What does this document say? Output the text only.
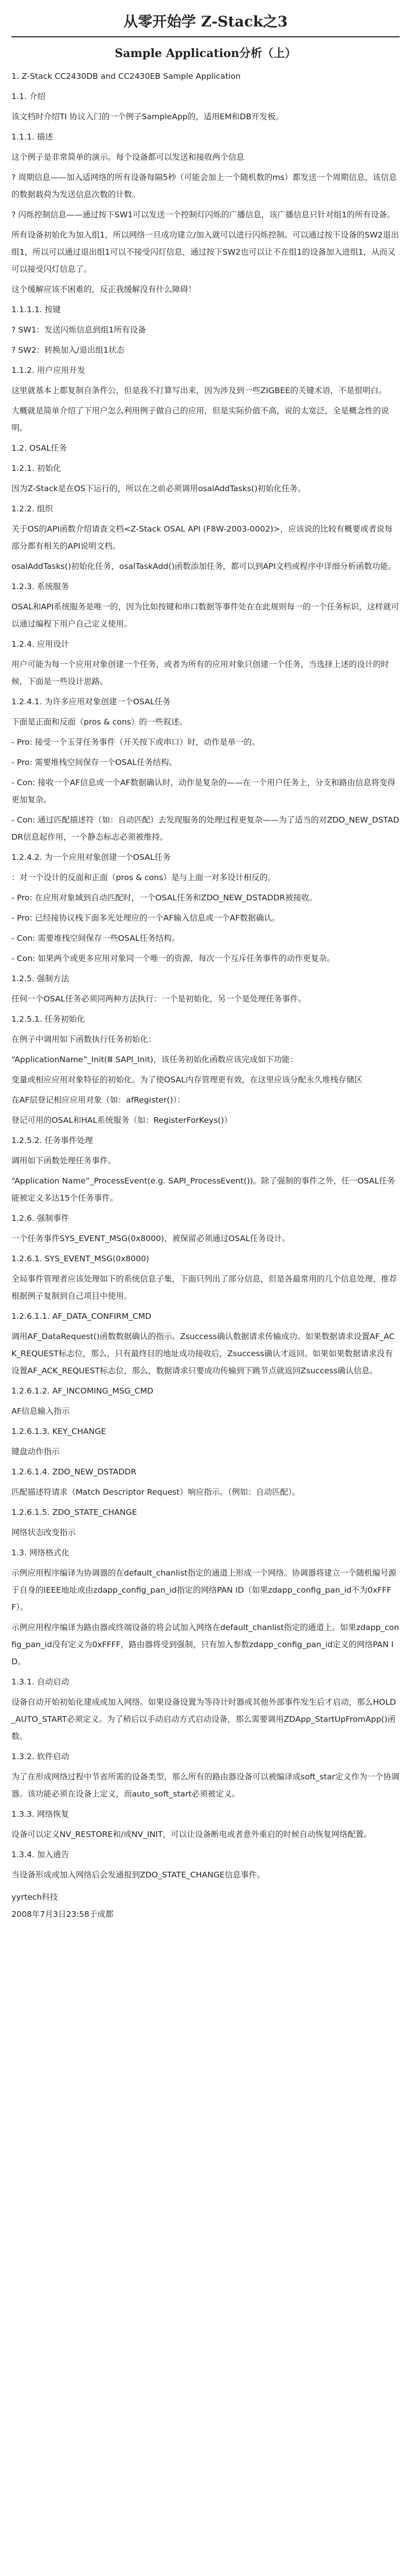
从零开始学 Z-Stack之3
Sample Application分析（上）

1. Z-Stack CC2430DB and CC2430EB Sample Application

1.1. 介绍

该文档时介绍TI 协议入门的一个例子SampleApp的，适用EM和DB开发板。

1.1.1. 描述

这个例子是非常简单的演示。每个设备都可以发送和接收两个信息

? 周期信息——加入适网络的所有设备每隔5秒（可能会加上一个随机数的ms）都发送一个周期信息，该信息的数据载荷为发送信息次数的计数。

? 闪烁控制信息——通过按下SW1可以发送一个控制灯闪烁的广播信息，该广播信息只针对组1的所有设备。

所有设备初始化为加入组1，所以网络一旦成功建立/加入就可以进行闪烁控制。可以通过按下设备的SW2退出组1，所以可以通过退出组1可以不接受闪灯信息，通过按下SW2也可以让不在组1的设备加入进组1，从而又可以接受闪灯信息了。

这个缓解应该不困难的，反正我缓解没有什么障碍！

1.1.1.1. 按键

? SW1：发送闪烁信息到组1所有设备

? SW2：转换加入/退出组1状态

1.1.2. 用户应用开发

这里就基本上都复制自条件公，但是我不打算写出来，因为涉及到一些ZIGBEE的关键术语，不是很明白。

大概就是简单介绍了下用户怎么利用例子做自己的应用，但是实际价值不高，说的太宽泛，全是概念性的说明。

1.2. OSAL任务

1.2.1. 初始化

因为Z-Stack是在OS下运行的，所以在之前必须调用osalAddTasks()初始化任务。

1.2.2. 组织

关于OS的API函数介绍请查文档<Z-Stack OSAL API (F8W-2003-0002)>，应该说的比较有概要或者说每部分都有相关的API说明文档。

osalAddTasks()初始化任务，osalTaskAdd()函数添加任务，都可以到API文档或程序中详细分析函数功能。

1.2.3. 系统服务

OSAL和API系统服务是唯一的，因为比如按键和串口数据等事件处在在此规则每一的一个任务标识，这样就可以通过编程下用户自己定义使用。

1.2.4. 应用设计

用户可能为每一个应用对象创建一个任务，或者为所有的应用对象只创建一个任务，当选择上述的设计的时候，下面是一些设计思路。

1.2.4.1. 为许多应用对象创建一个OSAL任务

下面是正面和反面（pros & cons）的一些叙述。

- Pro: 接受一个玉芽任务事件（开关按下或串口）时，动作是单一的。

- Pro: 需要堆栈空间保存一个OSAL任务结构。

- Con: 接收一个AF信息或一个AF数据确认时，动作是复杂的——在一个用户任务上，分支和路由信息将变得更加复杂。

- Con: 通过匹配描述符（如：自动匹配）去发现服务的处理过程更复杂——为了适当的对ZDO_NEW_DSTADDR信息起作用，一个静态标志必须被维持。

1.2.4.2. 为一个应用对象创建一个OSAL任务

：对一个设计的反面和正面（pros & cons）是与上面一对多设计相反的。

- Pro: 在应用对象域到自动匹配时，一个OSAL任务和ZDO_NEW_DSTADDR被接收。

- Pro: 已经接协议栈下面多光处理应的一个AF输入信息或一个AF数据确认。

- Con: 需要堆栈空间保存一些OSAL任务结构。

- Con: 如果两个或更多应用对象同一个唯一的资源，每次一个互斥任务事件的动作更复杂。

1.2.5. 强制方法

任何一个OSAL任务必须同两种方法执行：一个是初始化，另一个是处理任务事件。

1.2.5.1. 任务初始化

在例子中调用如下函数执行任务初始化：

“ApplicationName”_Init(Ⅲ SAPI_Init)，该任务初始化函数应该完成如下功能：

变量或相应应用对象特征的初始化。为了使OSAL内存管理更有效，在这里应该分配永久堆栈存储区

在AF层登记相应应用对象（如：afRegister()）：

登记可用的OSAL和HAL系统服务（如：RegisterForKeys()）

1.2.5.2. 任务事件处理

调用如下函数处理任务事件。

“Application Name”_ProcessEvent(e.g. SAPI_ProcessEvent())。除了强制的事件之外，任一OSAL任务能被定义多达15个任务事件。

1.2.6. 强制事件

一个任务事件SYS_EVENT_MSG(0x8000)，被保留必须通过OSAL任务设计。

1.2.6.1. SYS_EVENT_MSG(0x8000)

全局事件管理者应该处理如下的系统信息子集，下面只列出了部分信息，但是各最常用的几个信息处理，推荐根据例子复制到自己项目中使用。

1.2.6.1.1. AF_DATA_CONFIRM_CMD

调用AF_DataRequest()函数数据确认的指示。Zsuccess确认数据请求传输成功。如果数据请求设置AF_ACK_REQUEST标志位，那么，只有最终目的地址成功接收后，Zsuccess确认才返回。如果如果数据请求没有设置AF_ACK_REQUEST标志位，那么，数据请求只要成功传输到下跳节点就返回Zsuccess确认信息。

1.2.6.1.2. AF_INCOMING_MSG_CMD

AF信息输入指示

1.2.6.1.3. KEY_CHANGE

键盘动作指示

1.2.6.1.4. ZDO_NEW_DSTADDR

匹配描述符请求（Match Descriptor Request）响应指示。（例如：自动匹配）。

1.2.6.1.5. ZDO_STATE_CHANGE

网络状态改变指示

1.3. 网络格式化

示例应用程序编译为协调器的在default_chanlist指定的通道上形成一个网络。协调器将建立一个随机编号源于自身的IEEE地址或由zdapp_config_pan_id指定的网络PAN ID（如果zdapp_config_pan_id不为0xFFFF）。

示例应用程序编译为路由器或终端设备的将会试加入网络在default_chanlist指定的通道上。如果zdapp_config_pan_id没有定义为0xFFFF，路由器将受到强制，只有加入参数zdapp_config_pan_id定义的网络PAN ID。

1.3.1. 自动启动

设备自动开始初始化建成或加入网络。如果设备设置为等待计时器或其他外部事件发生后才启动，那么HOLD_AUTO_START必须定义。为了稍后以手动启动方式启动设备，那么需要调用ZDApp_StartUpFromApp()函数。

1.3.2. 软件启动

为了在形成网络过程中节省所需的设备类型，那么所有的路由器设备可以被编译成soft_star定义作为一个协调器。该功能必须在设备上定义，而auto_soft_start必须被定义。

1.3.3. 网络恢复

设备可以定义NV_RESTORE和/或NV_INIT，可以让设备断电或者意外重启的时候自动恢复网络配置。

1.3.4. 加入通告

当设备形成或加入网络后会发通报到ZDO_STATE_CHANGE信息事件。

yyrtech科技
2008年7月3日23:58于成都
